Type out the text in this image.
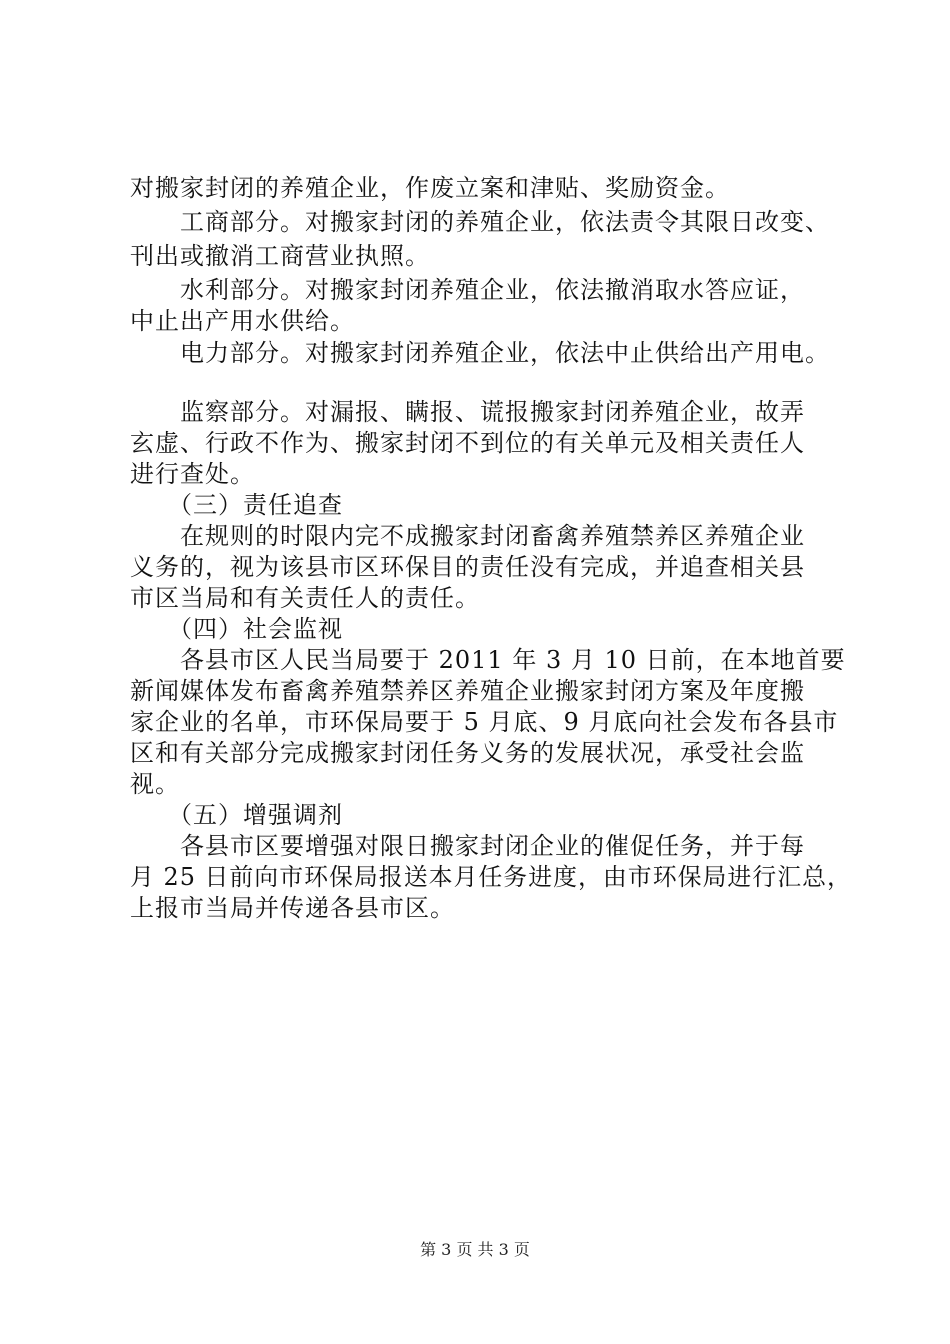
对搬家封闭的养殖企业，作废立案和津贴、奖励资金。
　　工商部分。对搬家封闭的养殖企业，依法责令其限日改变、
刊出或撤消工商营业执照。
　　水利部分。对搬家封闭养殖企业，依法撤消取水答应证，
中止出产用水供给。
　　电力部分。对搬家封闭养殖企业，依法中止供给出产用电。
　　监察部分。对漏报、瞒报、谎报搬家封闭养殖企业，故弄
玄虚、行政不作为、搬家封闭不到位的有关单元及相关责任人
进行查处。
　　（三）责任追查
　　在规则的时限内完不成搬家封闭畜禽养殖禁养区养殖企业
义务的，视为该县市区环保目的责任没有完成，并追查相关县
市区当局和有关责任人的责任。
　　（四）社会监视
　　各县市区人民当局要于 2011 年 3 月 10 日前，在本地首要
新闻媒体发布畜禽养殖禁养区养殖企业搬家封闭方案及年度搬
家企业的名单，市环保局要于 5 月底、9 月底向社会发布各县市
区和有关部分完成搬家封闭任务义务的发展状况，承受社会监
视。
　　（五）增强调剂
　　各县市区要增强对限日搬家封闭企业的催促任务，并于每
月 25 日前向市环保局报送本月任务进度，由市环保局进行汇总，
上报市当局并传递各县市区。
第 3 页 共 3 页
